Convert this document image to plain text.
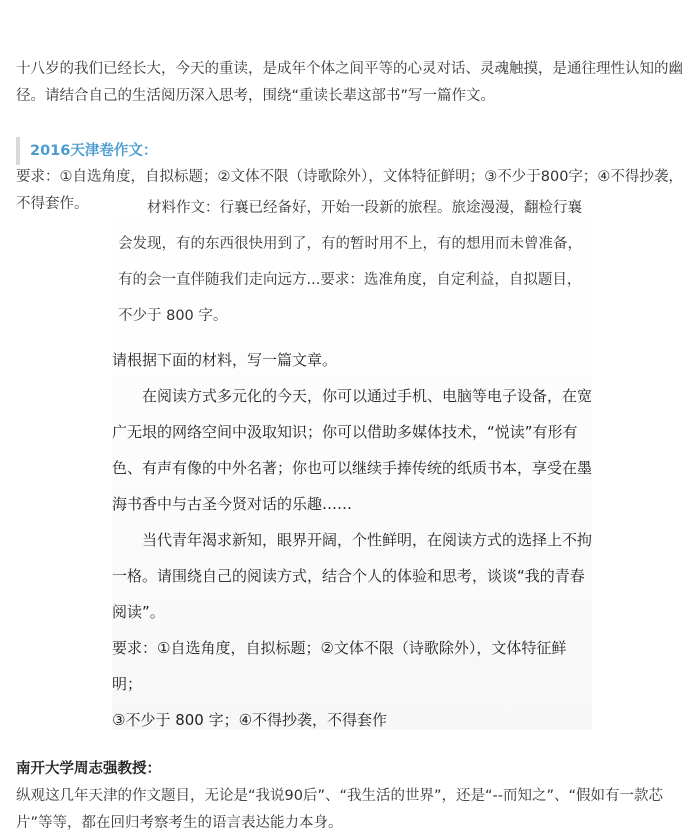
十八岁的我们已经长大，今天的重读，是成年个体之间平等的心灵对话、灵魂触摸，是通往理性认知的幽径。请结合自己的生活阅历深入思考，围绕“重读长辈这部书”写一篇作文。

要求：①自选角度，自拟标题；②文体不限（诗歌除外），文体特征鲜明；③不少于800字；④不得抄袭，不得套作。

2016天津卷作文：

材料作文：行襄已经备好，开始一段新的旅程。旅途漫漫，翻检行襄会发现，有的东西很快用到了，有的暂时用不上，有的想用而未曾准备，有的会一直伴随我们走向远方...要求：选准角度，自定利益，自拟题目，不少于 800 字。

请根据下面的材料，写一篇文章。

在阅读方式多元化的今天，你可以通过手机、电脑等电子设备，在宽广无垠的网络空间中汲取知识；你可以借助多媒体技术，“悦读”有形有色、有声有像的中外名著；你也可以继续手捧传统的纸质书本，享受在墨海书香中与古圣今贤对话的乐趣……

当代青年渴求新知，眼界开阔，个性鲜明，在阅读方式的选择上不拘一格。请围绕自己的阅读方式，结合个人的体验和思考，谈谈“我的青春阅读”。

要求：①自选角度，自拟标题；②文体不限（诗歌除外），文体特征鲜明；

③不少于 800 字；④不得抄袭，不得套作

南开大学周志强教授：

纵观这几年天津的作文题目，无论是“我说90后”、“我生活的世界”，还是“--而知之”、“假如有一款芯片”等等，都在回归考察考生的语言表达能力本身。
